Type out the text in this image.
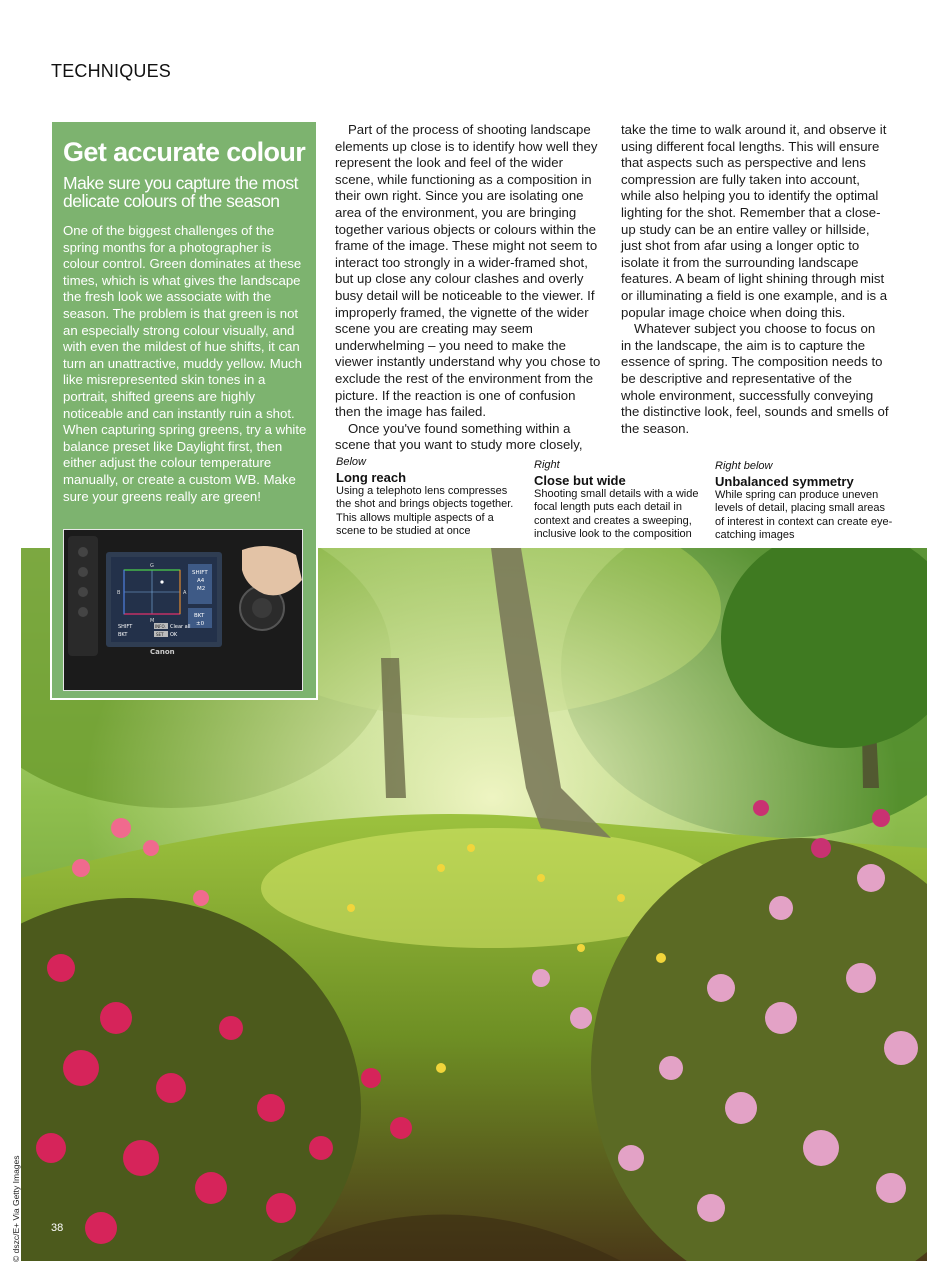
TECHNIQUES
Get accurate colour
Make sure you capture the most delicate colours of the season

One of the biggest challenges of the spring months for a photographer is colour control. Green dominates at these times, which is what gives the landscape the fresh look we associate with the season. The problem is that green is not an especially strong colour visually, and with even the mildest of hue shifts, it can turn an unattractive, muddy yellow. Much like misrepresented skin tones in a portrait, shifted greens are highly noticeable and can instantly ruin a shot. When capturing spring greens, try a white balance preset like Daylight first, then either adjust the colour temperature manually, or create a custom WB. Make sure your greens really are green!

G
M
B	A
SHIFT
A4
M2
BKT
±0
SHIFT
BKT
INFO. Clear all
SET OK
Canon

Part of the process of shooting landscape elements up close is to identify how well they represent the look and feel of the wider scene, while functioning as a composition in their own right. Since you are isolating one area of the environment, you are bringing together various objects or colours within the frame of the image. These might not seem to interact too strongly in a wider-framed shot, but up close any colour clashes and overly busy detail will be noticeable to the viewer. If improperly framed, the vignette of the wider scene you are creating may seem underwhelming – you need to make the viewer instantly understand why you chose to exclude the rest of the environment from the picture. If the reaction is one of confusion then the image has failed.

Once you've found something within a scene that you want to study more closely,

take the time to walk around it, and observe it using different focal lengths. This will ensure that aspects such as perspective and lens compression are fully taken into account, while also helping you to identify the optimal lighting for the shot. Remember that a close-up study can be an entire valley or hillside, just shot from afar using a longer optic to isolate it from the surrounding landscape features. A beam of light shining through mist or illuminating a field is one example, and is a popular image choice when doing this.

Whatever subject you choose to focus on in the landscape, the aim is to capture the essence of spring. The composition needs to be descriptive and representative of the whole environment, successfully conveying the distinctive look, feel, sounds and smells of the season.

Below
Long reach
Using a telephoto lens compresses the shot and brings objects together. This allows multiple aspects of a scene to be studied at once
Right
Close but wide
Shooting small details with a wide focal length puts each detail in context and creates a sweeping, inclusive look to the composition
Right below
Unbalanced symmetry
While spring can produce uneven levels of detail, placing small areas of interest in context can create eye-catching images
© dszc/E+ Via Getty Images	38
